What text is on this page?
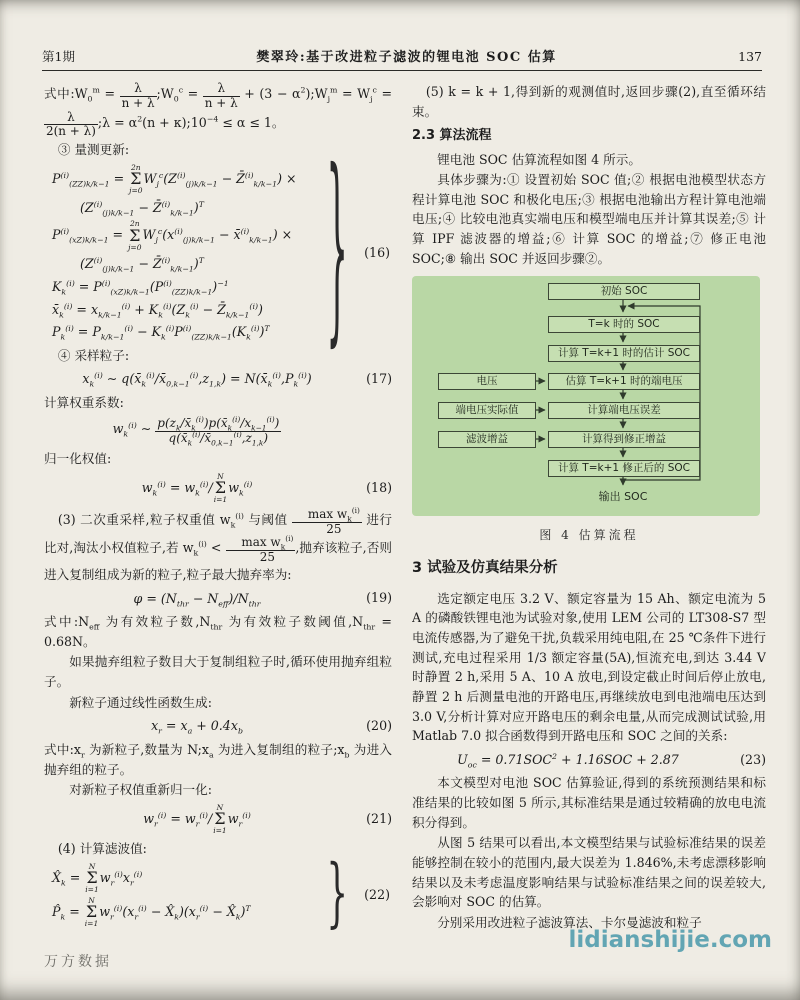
第1期	樊翠玲:基于改进粒子滤波的锂电池 SOC 估算	137

式中$:W_0^m = \frac{\lambda}{n + \lambda}$ $;W_0^c = \frac{\lambda}{n + \lambda} + (3$ − $\alpha^2);W_j^m = W_j^c$ =
$\frac{\lambda}{2(n + \lambda)}$ ;λ = $\alpha^2(n$ + $\kappa);10^{-4} \le \alpha \le 1$。

③ 量测更新:

$P^{(i)}_{(ZZ)k/k-1}$ =
2n
Σ
j=0
$W_j^c(Z^{(i)}_{(j)k/k-1}$ − Z̄$^{(i)}_{k/k-1}$) ×
($Z^{(i)}_{(j)k/k-1}$ − Z̄$^{(i)}_{k/k-1}$)$^T$
$P^{(i)}_{(xZ)k/k-1}$ =
2n
Σ
j=0
$W_j^c(x^{(i)}_{(j)k/k-1}$ − x̄$^{(i)}_{k/k-1}$) ×
($Z^{(i)}_{(j)k/k-1}$ − Z̄$^{(i)}_{k/k-1}$)$^T$
$K_k^{(i)} = P^{(i)}_{(xZ)k/k-1}(P^{(i)}_{(ZZ)k/k-1})^{-1}$
$x̄_k^{(i)} = x_{k/k-1}^{(i)} + K_k^{(i)}(Z_k^{(i)}$ − $Z̄_{k/k-1}^{(i)}$)
$P_k^{(i)} = P_{k/k-1}^{(i)} - K_k^{(i)}P^{(i)}_{(ZZ)k/k-1}(K_k^{(i)})^T$	} (16)

④ 采样粒子:

$x_k^{(i)}$ ∼ $q(x̄_k^{(i)}/x̄_{0,k-1}^{(i)},z_{1,k})$ = $N(x̄_k^{(i)},P_k^{(i)})$	(17)

计算权重系数:

$w_k^{(i)}$ ∼ $\frac{p(z_k/x̄_k^{(i)})p(x̄_k^{(i)}/x_{k-1}^{(i)})}{q(x̄_k^{(i)}/x̄_{0,k-1}^{(i)},z_{1,k})}$

归一化权值:

$w_k^{(i)} = w_k^{(i)}/$
N
Σ
i=1
$w_k^{(i)}$	(18)

(3) 二次重采样,粒子权重值 $w_k^{(i)}$ 与阈值 $\frac{\max w_k^{(i)}}{25}$ 进行比对,淘汰小权值粒子,若 $w_k^{(i)} < \frac{\max w_k^{(i)}}{25}$ ,抛弃该粒子,否则进入复制组成为新的粒子,粒子最大抛弃率为:

$\varphi = (N_{thr} - N_{eff})/N_{thr}$	(19)

式中$:N_{eff}$ 为有效粒子数$,N_{thr}$ 为有效粒子数阈值$,N_{thr} = 0.68N$。

如果抛弃组粒子数目大于复制组粒子时,循环使用抛弃组粒子。

新粒子通过线性函数生成:

$x_r = x_a + 0.4x_b$	(20)

式中$:x_r$ 为新粒子,数量为 $N;x_a$ 为进入复制组的粒子$;x_b$ 为进入抛弃组的粒子。

对新粒子权值重新归一化:

$w_r^{(i)} = w_r^{(i)}/$
N
Σ
i=1
$w_r^{(i)}$	(21)

(4) 计算滤波值:

$X̂_k$ =
N
Σ
i=1
$w_r^{(i)}x_r^{(i)}$
$P̂_k$ =
N
Σ
i=1
$w_r^{(i)}(x_r^{(i)}$ − $X̂_k)(x_r^{(i)}$ − $X̂_k)^T$	} (22)

(5) k = k + 1,得到新的观测值时,返回步骤(2),直至循环结束。

2.3 算法流程

锂电池 SOC 估算流程如图 4 所示。

具体步骤为:① 设置初始 SOC 值;② 根据电池模型状态方程计算电池 SOC 和极化电压;③ 根据电池输出方程计算电池端电压;④ 比较电池真实端电压和模型端电压并计算其误差;⑤ 计算 IPF 滤波器的增益;⑥ 计算 SOC 的增益;⑦ 修正电池 SOC;⑧ 输出 SOC 并返回步骤②。

初始 SOC
T=k 时的 SOC
计算 T=k+1 时的估计 SOC
估算 T=k+1 时的端电压
计算端电压误差
计算得到修正增益
计算 T=k+1 修正后的 SOC
电压
端电压实际值
滤波增益
输出 SOC
图 4 估算流程

3 试验及仿真结果分析

选定额定电压 3.2 V、额定容量为 15 Ah、额定电流为 5 A 的磷酸铁锂电池为试验对象,使用 LEM 公司的 LT308-S7 型电流传感器,为了避免干扰,负载采用纯电阻,在 25 ℃条件下进行测试,充电过程采用 1/3 额定容量(5A),恒流充电,到达 3.44 V 时静置 2 h,采用 5 A、10 A 放电,到设定截止时间后停止放电,静置 2 h 后测量电池的开路电压,再继续放电到电池端电压达到 3.0 V,分析计算对应开路电压的剩余电量,从而完成测试试验,用 Matlab 7.0 拟合函数得到开路电压和 SOC 之间的关系:

$U_{oc} = 0.71SOC^2 + 1.16SOC + 2.87$	(23)

本文模型对电池 SOC 估算验证,得到的系统预测结果和标准结果的比较如图 5 所示,其标准结果是通过较精确的放电电流积分得到。

从图 5 结果可以看出,本文模型结果与试验标准结果的误差能够控制在较小的范围内,最大误差为 1.846%,未考虑漂移影响结果以及未考虑温度影响结果与试验标准结果之间的误差较大,会影响对 SOC 的估算。

分别采用改进粒子滤波算法、卡尔曼滤波和粒子

万方数据
lidianshijie.com
